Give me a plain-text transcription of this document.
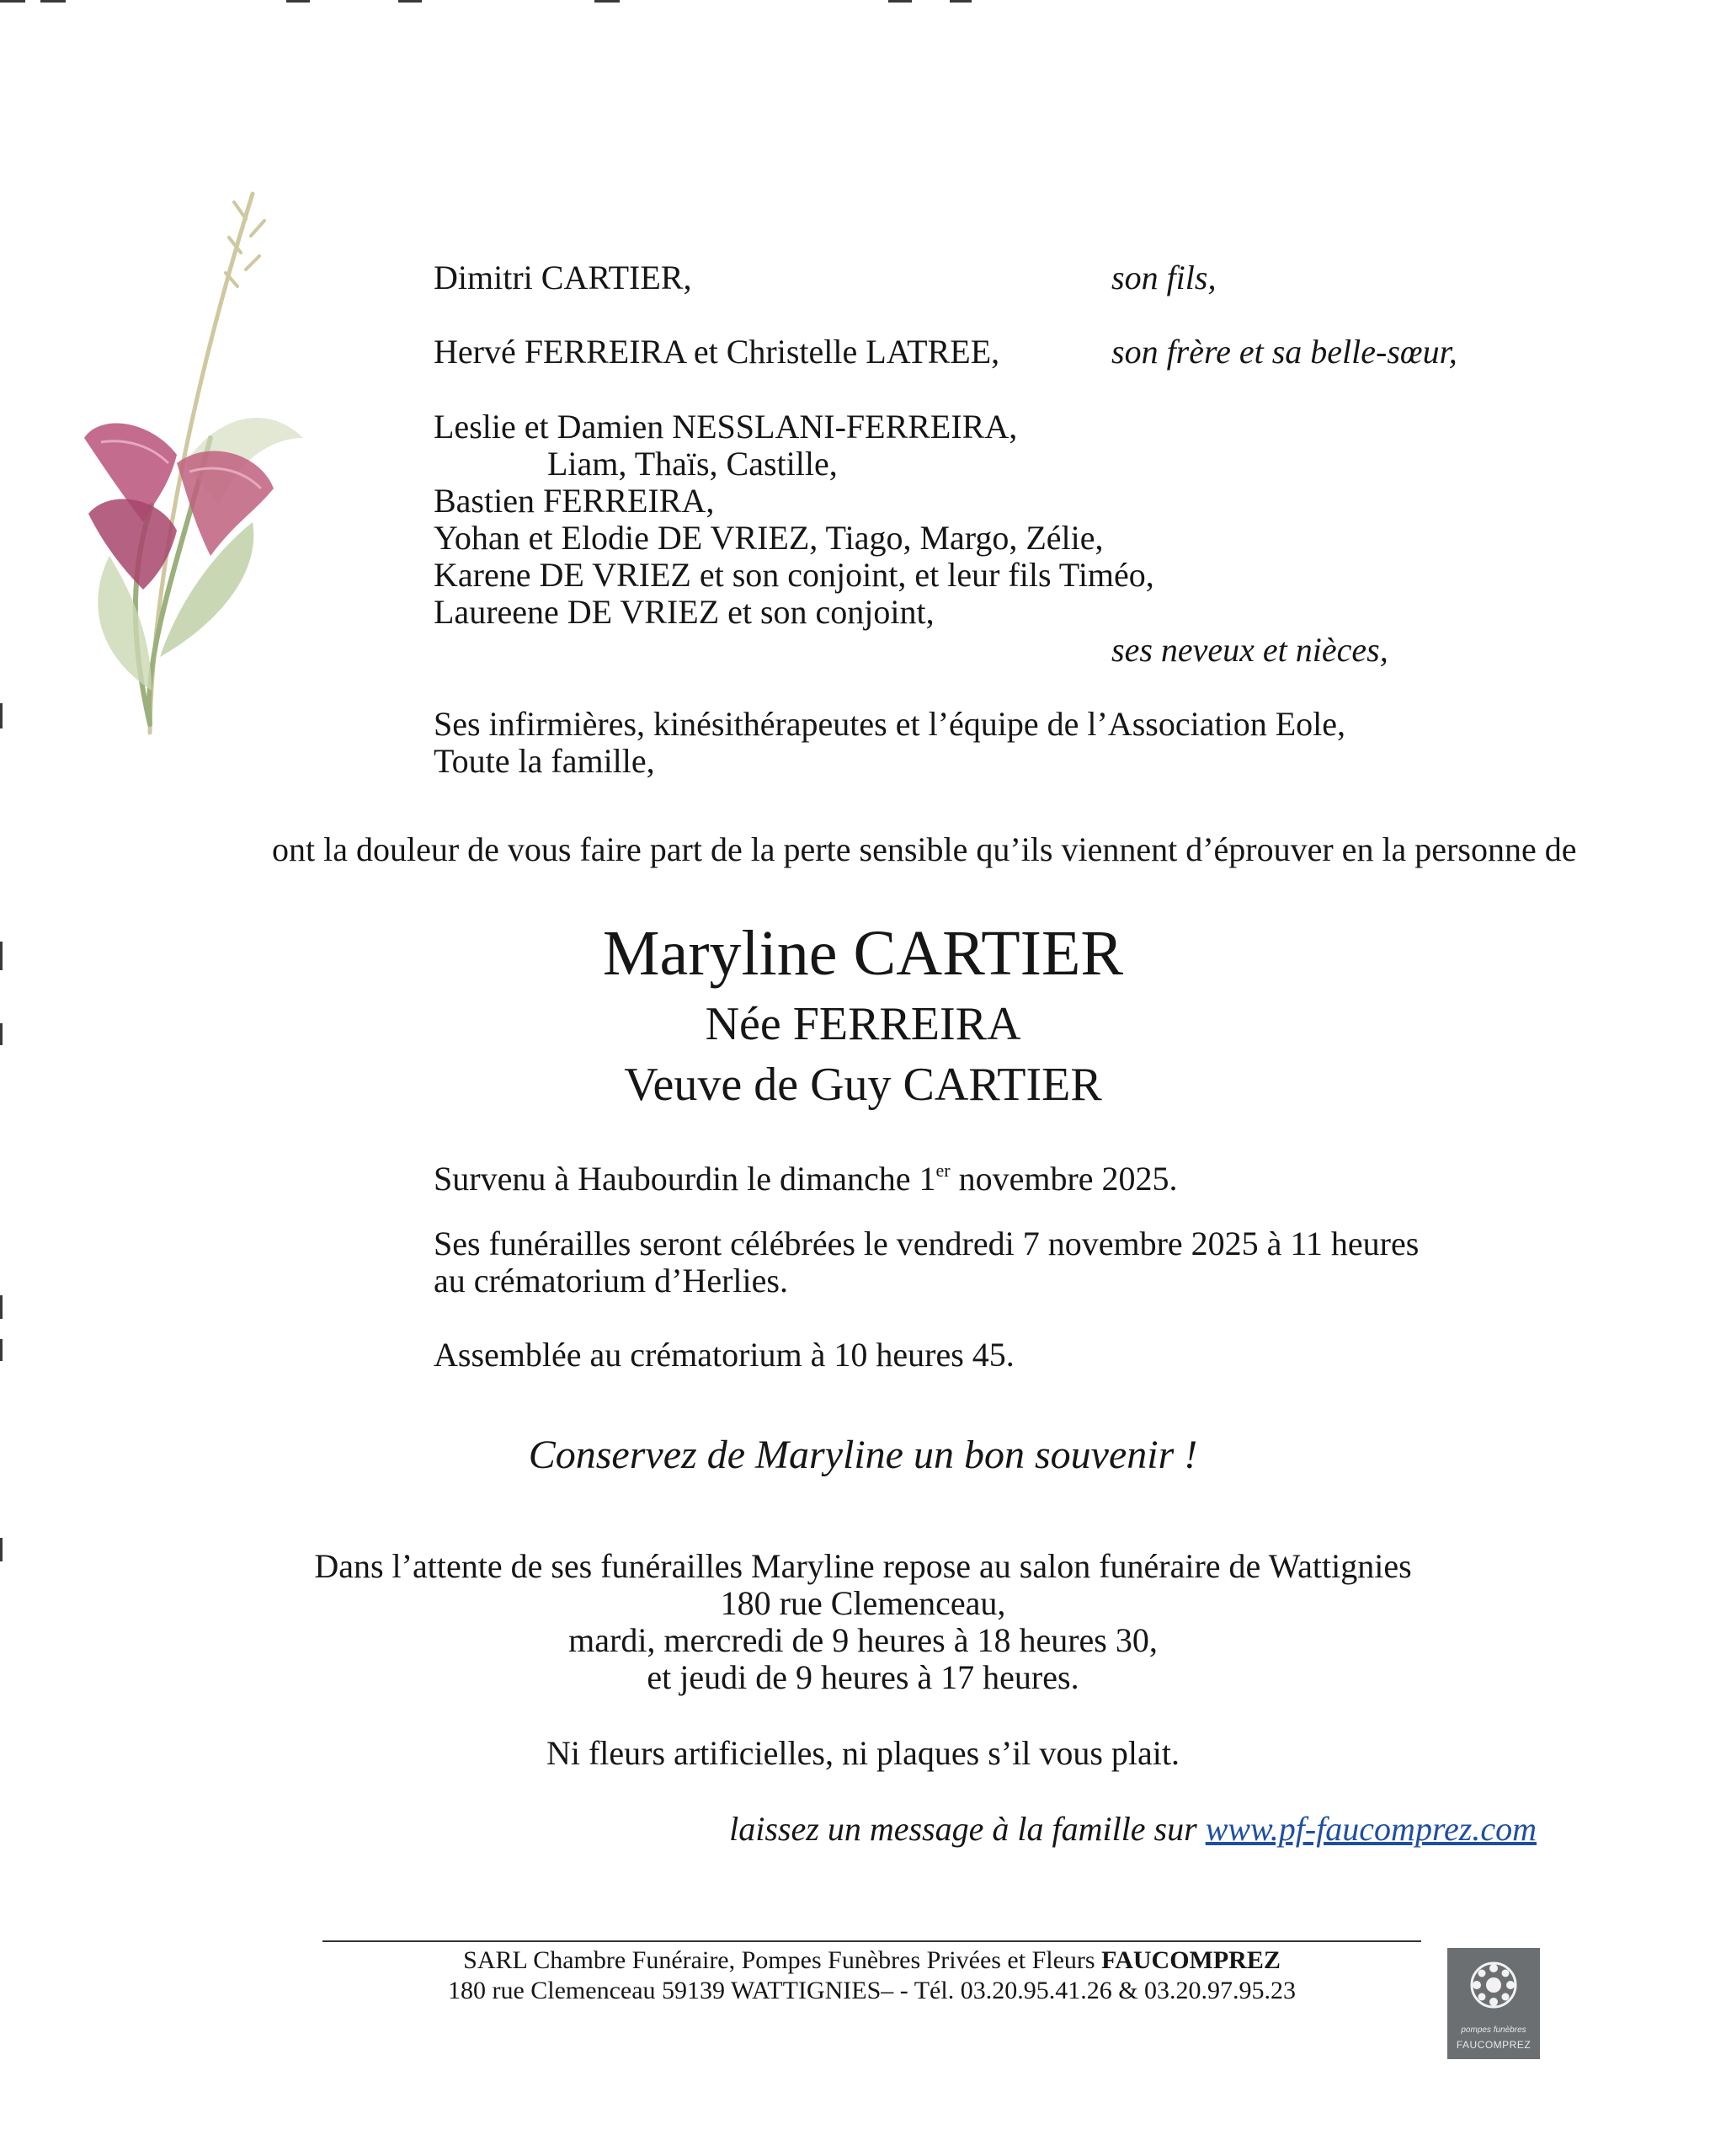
Dimitri CARTIER,	son fils,
Hervé FERREIRA et Christelle LATREE,	son frère et sa belle-sœur,
Leslie et Damien NESSLANI-FERREIRA,
Liam, Thaïs, Castille,
Bastien FERREIRA,
Yohan et Elodie DE VRIEZ, Tiago, Margo, Zélie,
Karene DE VRIEZ et son conjoint, et leur fils Timéo,
Laureene DE VRIEZ et son conjoint,
ses neveux et nièces,
Ses infirmières, kinésithérapeutes et l’équipe de l’Association Eole,
Toute la famille,
ont la douleur de vous faire part de la perte sensible qu’ils viennent d’éprouver en la personne de
Maryline CARTIER
Née FERREIRA
Veuve de Guy CARTIER
Survenu à Haubourdin le dimanche 1er novembre 2025.
Ses funérailles seront célébrées le vendredi 7 novembre 2025 à 11 heures
au crématorium d’Herlies.
Assemblée au crématorium à 10 heures 45.
Conservez de Maryline un bon souvenir !
Dans l’attente de ses funérailles Maryline repose au salon funéraire de Wattignies
180 rue Clemenceau,
mardi, mercredi de 9 heures à 18 heures 30,
et jeudi de 9 heures à 17 heures.
Ni fleurs artificielles, ni plaques s’il vous plait.
laissez un message à la famille sur www.pf-faucomprez.com
SARL Chambre Funéraire, Pompes Funèbres Privées et Fleurs FAUCOMPREZ
180 rue Clemenceau 59139 WATTIGNIES– - Tél. 03.20.95.41.26 & 03.20.97.95.23
pompes funèbres
FAUCOMPREZ
